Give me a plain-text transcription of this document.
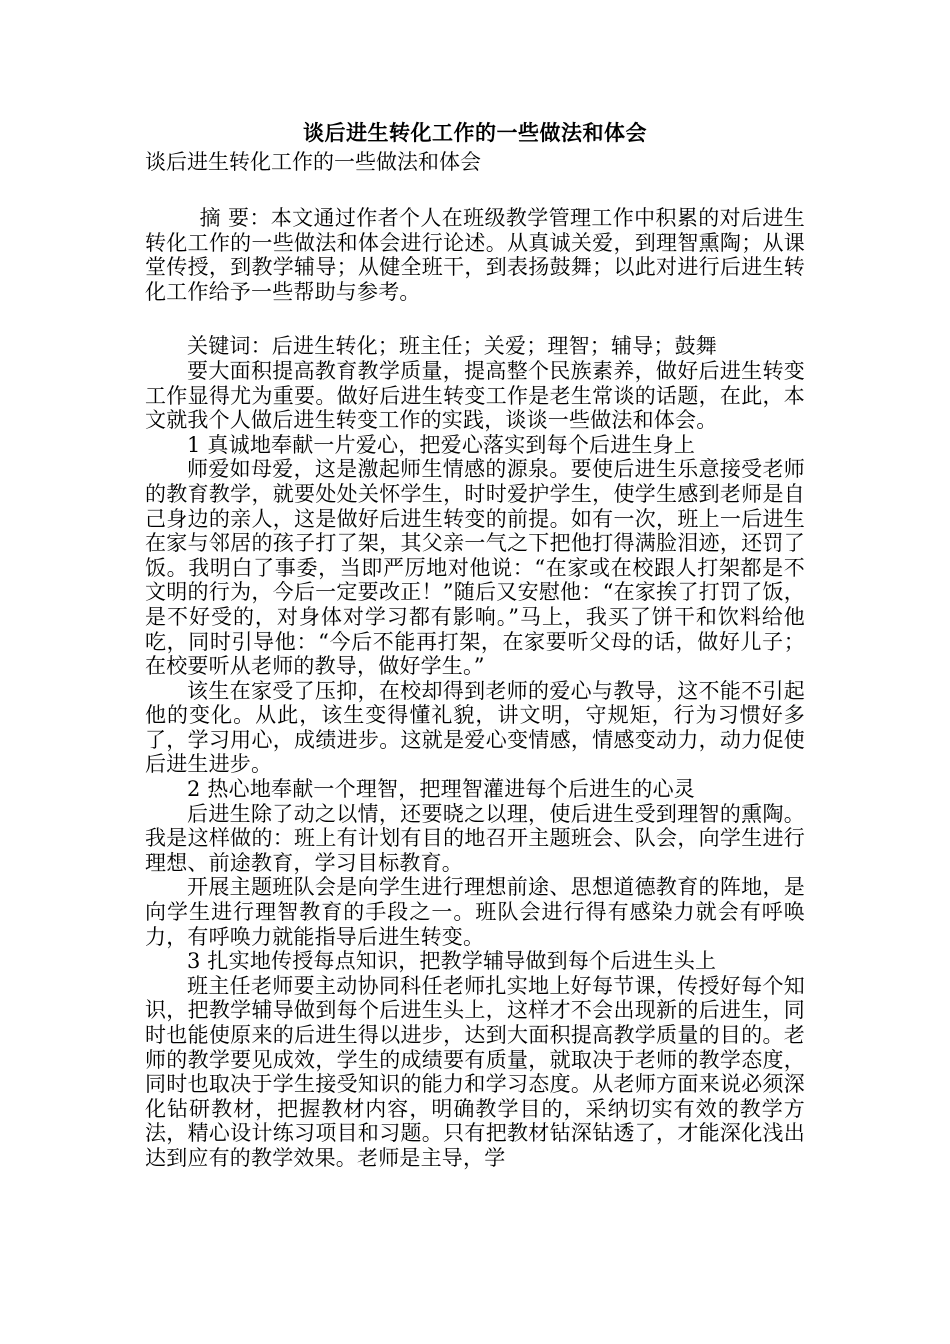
谈后进生转化工作的一些做法和体会

谈后进生转化工作的一些做法和体会

摘 要：本文通过作者个人在班级教学管理工作中积累的对后进生转化工作的一些做法和体会进行论述。从真诚关爱，到理智熏陶；从课堂传授，到教学辅导；从健全班干，到表扬鼓舞；以此对进行后进生转化工作给予一些帮助与参考。

关键词：后进生转化；班主任；关爱；理智；辅导；鼓舞

要大面积提高教育教学质量，提高整个民族素养，做好后进生转变工作显得尤为重要。做好后进生转变工作是老生常谈的话题，在此，本文就我个人做后进生转变工作的实践，谈谈一些做法和体会。

1 真诚地奉献一片爱心，把爱心落实到每个后进生身上

师爱如母爱，这是激起师生情感的源泉。要使后进生乐意接受老师的教育教学，就要处处关怀学生，时时爱护学生，使学生感到老师是自己身边的亲人，这是做好后进生转变的前提。如有一次，班上一后进生在家与邻居的孩子打了架，其父亲一气之下把他打得满脸泪迹，还罚了饭。我明白了事委，当即严厉地对他说：“在家或在校跟人打架都是不文明的行为，今后一定要改正！”随后又安慰他：“在家挨了打罚了饭，是不好受的，对身体对学习都有影响。”马上，我买了饼干和饮料给他吃，同时引导他：“今后不能再打架，在家要听父母的话，做好儿子；在校要听从老师的教导，做好学生。”

该生在家受了压抑，在校却得到老师的爱心与教导，这不能不引起他的变化。从此，该生变得懂礼貌，讲文明，守规矩，行为习惯好多了，学习用心，成绩进步。这就是爱心变情感，情感变动力，动力促使后进生进步。

2 热心地奉献一个理智，把理智灌进每个后进生的心灵

后进生除了动之以情，还要晓之以理，使后进生受到理智的熏陶。我是这样做的：班上有计划有目的地召开主题班会、队会，向学生进行理想、前途教育，学习目标教育。

开展主题班队会是向学生进行理想前途、思想道德教育的阵地，是向学生进行理智教育的手段之一。班队会进行得有感染力就会有呼唤力，有呼唤力就能指导后进生转变。

3 扎实地传授每点知识，把教学辅导做到每个后进生头上

班主任老师要主动协同科任老师扎实地上好每节课，传授好每个知识，把教学辅导做到每个后进生头上，这样才不会出现新的后进生，同时也能使原来的后进生得以进步，达到大面积提高教学质量的目的。老师的教学要见成效，学生的成绩要有质量，就取决于老师的教学态度，同时也取决于学生接受知识的能力和学习态度。从老师方面来说必须深化钻研教材，把握教材内容，明确教学目的，采纳切实有效的教学方法，精心设计练习项目和习题。只有把教材钻深钻透了，才能深化浅出达到应有的教学效果。老师是主导，学
